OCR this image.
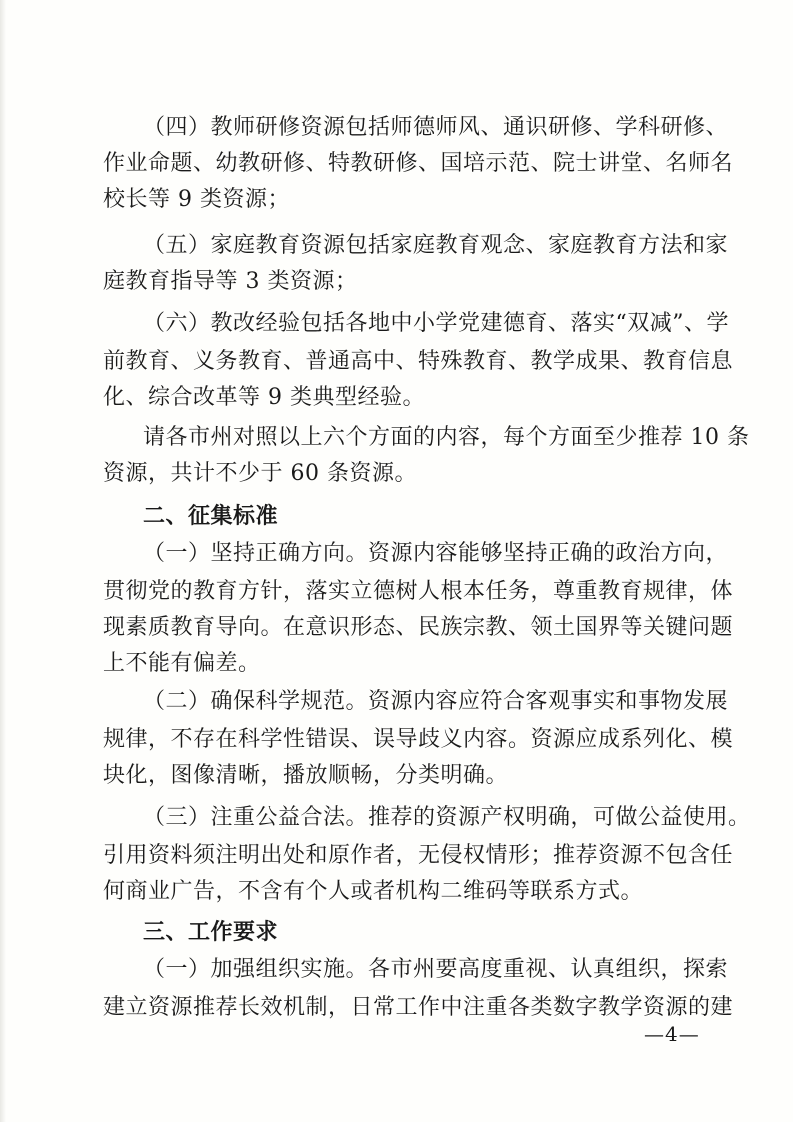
（四）教师研修资源包括师德师风、通识研修、学科研修、
作业命题、幼教研修、特教研修、国培示范、院士讲堂、名师名
校长等 9 类资源；
（五）家庭教育资源包括家庭教育观念、家庭教育方法和家
庭教育指导等 3 类资源；
（六）教改经验包括各地中小学党建德育、落实“双减”、学
前教育、义务教育、普通高中、特殊教育、教学成果、教育信息
化、综合改革等 9 类典型经验。
请各市州对照以上六个方面的内容，每个方面至少推荐 10 条
资源，共计不少于 60 条资源。
二、征集标准
（一）坚持正确方向。资源内容能够坚持正确的政治方向，
贯彻党的教育方针，落实立德树人根本任务，尊重教育规律，体
现素质教育导向。在意识形态、民族宗教、领土国界等关键问题
上不能有偏差。
（二）确保科学规范。资源内容应符合客观事实和事物发展
规律，不存在科学性错误、误导歧义内容。资源应成系列化、模
块化，图像清晰，播放顺畅，分类明确。
（三）注重公益合法。推荐的资源产权明确，可做公益使用。
引用资料须注明出处和原作者，无侵权情形；推荐资源不包含任
何商业广告，不含有个人或者机构二维码等联系方式。
三、工作要求
（一）加强组织实施。各市州要高度重视、认真组织，探索
建立资源推荐长效机制，日常工作中注重各类数字教学资源的建
—4—
